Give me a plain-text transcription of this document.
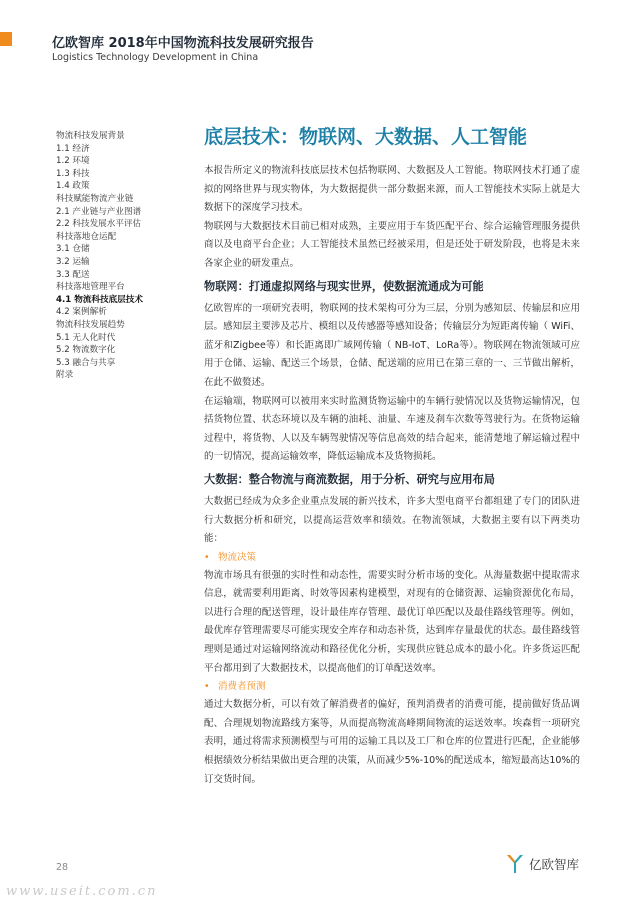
亿欧智库 2018年中国物流科技发展研究报告
Logistics Technology Development in China
物流科技发展背景
1.1 经济
1.2 环境
1.3 科技
1.4 政策
科技赋能物流产业链
2.1 产业链与产业图谱
2.2 科技发展水平评估
科技落地仓运配
3.1 仓储
3.2 运输
3.3 配送
科技落地管理平台
4.1 物流科技底层技术
4.2 案例解析
物流科技发展趋势
5.1 无人化时代
5.2 物流数字化
5.3 融合与共享
附录
底层技术：物联网、大数据、人工智能

本报告所定义的物流科技底层技术包括物联网、大数据及人工智能。物联网技术打通了虚拟的网络世界与现实物体，为大数据提供一部分数据来源，而人工智能技术实际上就是大数据下的深度学习技术。

物联网与大数据技术目前已相对成熟，主要应用于车货匹配平台、综合运输管理服务提供商以及电商平台企业；人工智能技术虽然已经被采用，但是还处于研发阶段，也将是未来各家企业的研发重点。

物联网：打通虚拟网络与现实世界，使数据流通成为可能

亿欧智库的一项研究表明，物联网的技术架构可分为三层，分别为感知层、传输层和应用层。感知层主要涉及芯片、模组以及传感器等感知设备；传输层分为短距离传输（ WiFi、蓝牙和Zigbee等）和长距离即广域网传输（ NB-IoT、LoRa等）。物联网在物流领域可应用于仓储、运输、配送三个场景，仓储、配送端的应用已在第三章的一、三节做出解析，在此不做赘述。

在运输端，物联网可以被用来实时监测货物运输中的车辆行驶情况以及货物运输情况，包括货物位置、状态环境以及车辆的油耗、油量、车速及刹车次数等驾驶行为。在货物运输过程中，将货物、人以及车辆驾驶情况等信息高效的结合起来，能清楚地了解运输过程中的一切情况，提高运输效率，降低运输成本及货物损耗。

大数据：整合物流与商流数据，用于分析、研究与应用布局

大数据已经成为众多企业重点发展的新兴技术，许多大型电商平台都组建了专门的团队进行大数据分析和研究，以提高运营效率和绩效。在物流领域，大数据主要有以下两类功能：

• 物流决策

物流市场具有很强的实时性和动态性，需要实时分析市场的变化。从海量数据中提取需求信息，就需要利用距离、时效等因素构建模型，对现有的仓储资源、运输资源优化布局，以进行合理的配送管理，设计最佳库存管理、最优订单匹配以及最佳路线管理等。例如，最优库存管理需要尽可能实现安全库存和动态补货，达到库存量最优的状态。最佳路线管理则是通过对运输网络流动和路径优化分析，实现供应链总成本的最小化。许多货运匹配平台都用到了大数据技术，以提高他们的订单配送效率。

• 消费者预测

通过大数据分析，可以有效了解消费者的偏好，预判消费者的消费可能，提前做好货品调配、合理规划物流路线方案等，从而提高物流高峰期间物流的运送效率。埃森哲一项研究表明，通过将需求预测模型与可用的运输工具以及工厂和仓库的位置进行匹配，企业能够根据绩效分析结果做出更合理的决策，从而减少5%-10%的配送成本，缩短最高达10%的订交货时间。

28	亿欧智库
www.useit.com.cn
